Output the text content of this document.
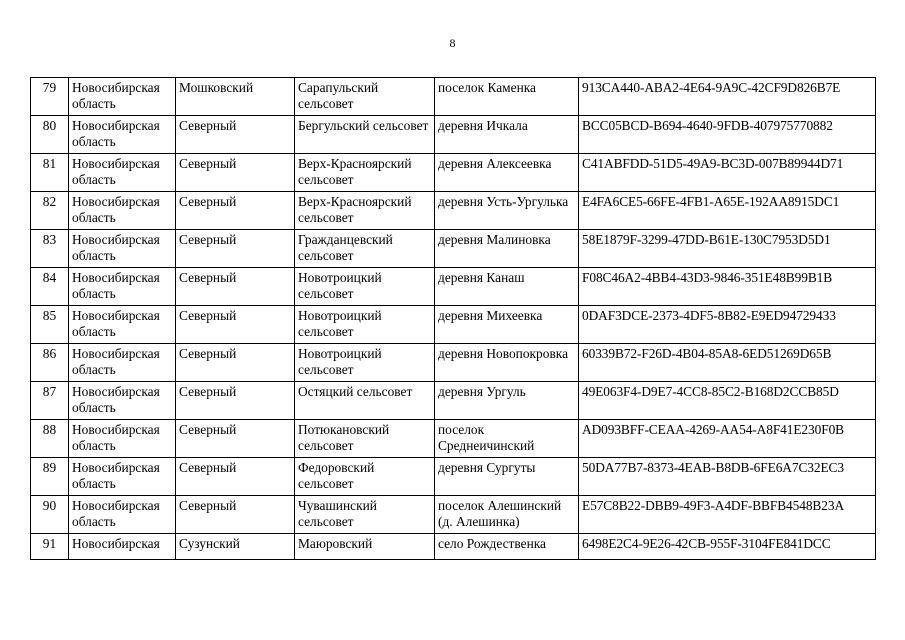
8
79	Новосибирская область	Мошковский	Сарапульский сельсовет	поселок Каменка	913CA440-ABA2-4E64-9A9C-42CF9D826B7E
80	Новосибирская область	Северный	Бергульский сельсовет	деревня Ичкала	BCC05BCD-B694-4640-9FDB-407975770882
81	Новосибирская область	Северный	Верх-Красноярский сельсовет	деревня Алексеевка	C41ABFDD-51D5-49A9-BC3D-007B89944D71
82	Новосибирская область	Северный	Верх-Красноярский сельсовет	деревня Усть-Ургулька	E4FA6CE5-66FE-4FB1-A65E-192AA8915DC1
83	Новосибирская область	Северный	Гражданцевский сельсовет	деревня Малиновка	58E1879F-3299-47DD-B61E-130C7953D5D1
84	Новосибирская область	Северный	Новотроицкий сельсовет	деревня Канаш	F08C46A2-4BB4-43D3-9846-351E48B99B1B
85	Новосибирская область	Северный	Новотроицкий сельсовет	деревня Михеевка	0DAF3DCE-2373-4DF5-8B82-E9ED94729433
86	Новосибирская область	Северный	Новотроицкий сельсовет	деревня Новопокровка	60339B72-F26D-4B04-85A8-6ED51269D65B
87	Новосибирская область	Северный	Остяцкий сельсовет	деревня Ургуль	49E063F4-D9E7-4CC8-85C2-B168D2CCB85D
88	Новосибирская область	Северный	Потюкановский сельсовет	поселок Среднеичинский	AD093BFF-CEAA-4269-AA54-A8F41E230F0B
89	Новосибирская область	Северный	Федоровский сельсовет	деревня Сургуты	50DA77B7-8373-4EAB-B8DB-6FE6A7C32EC3
90	Новосибирская область	Северный	Чувашинский сельсовет	поселок Алешинский (д. Алешинка)	E57C8B22-DBB9-49F3-A4DF-BBFB4548B23A
91	Новосибирская	Сузунский	Маюровский	село Рождественка	6498E2C4-9E26-42CB-955F-3104FE841DCC
